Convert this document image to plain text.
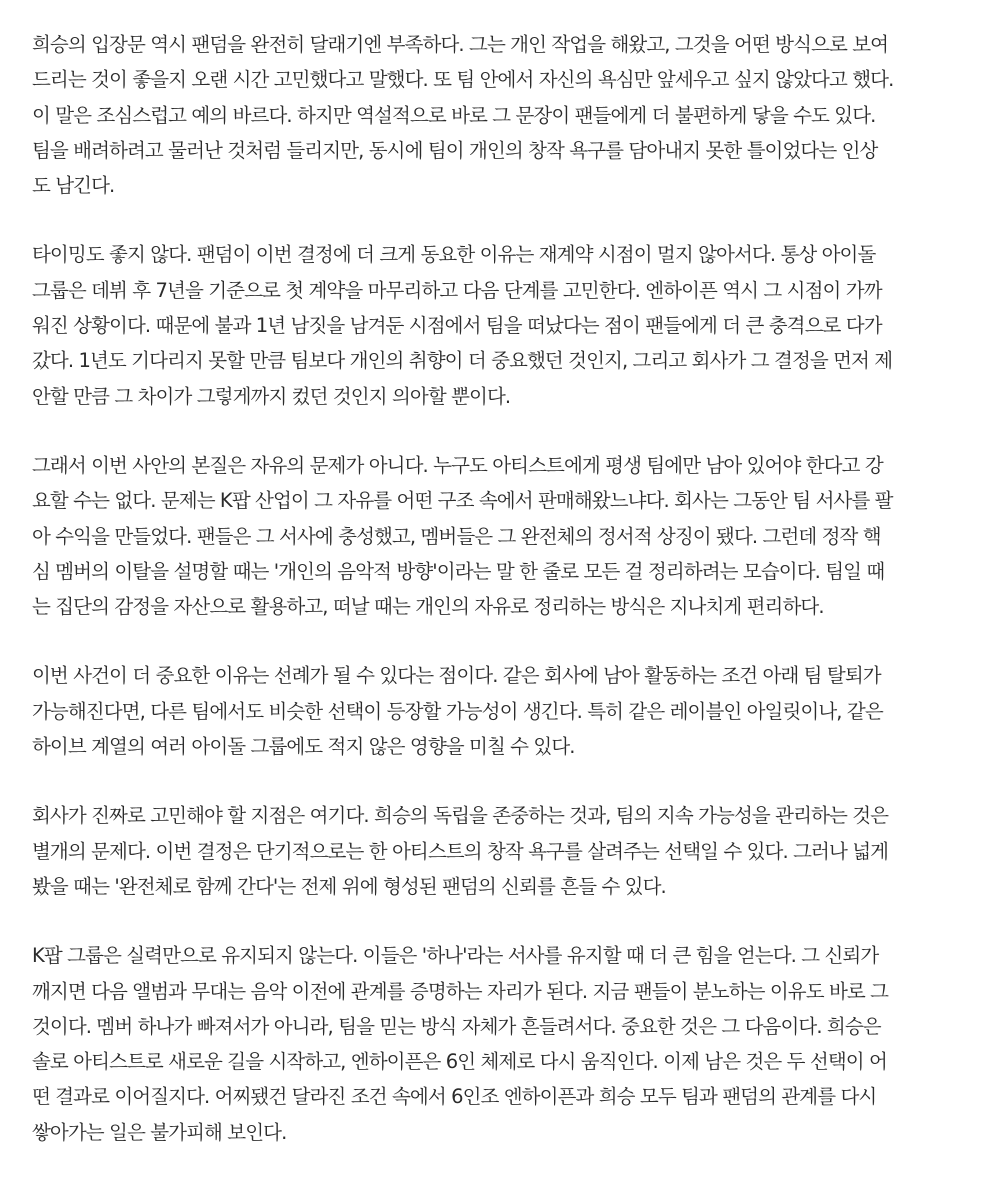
희승의 입장문 역시 팬덤을 완전히 달래기엔 부족하다. 그는 개인 작업을 해왔고, 그것을 어떤 방식으로 보여
드리는 것이 좋을지 오랜 시간 고민했다고 말했다. 또 팀 안에서 자신의 욕심만 앞세우고 싶지 않았다고 했다.
이 말은 조심스럽고 예의 바르다. 하지만 역설적으로 바로 그 문장이 팬들에게 더 불편하게 닿을 수도 있다.
팀을 배려하려고 물러난 것처럼 들리지만, 동시에 팀이 개인의 창작 욕구를 담아내지 못한 틀이었다는 인상
도 남긴다.

타이밍도 좋지 않다. 팬덤이 이번 결정에 더 크게 동요한 이유는 재계약 시점이 멀지 않아서다. 통상 아이돌
그룹은 데뷔 후 7년을 기준으로 첫 계약을 마무리하고 다음 단계를 고민한다. 엔하이픈 역시 그 시점이 가까
워진 상황이다. 때문에 불과 1년 남짓을 남겨둔 시점에서 팀을 떠났다는 점이 팬들에게 더 큰 충격으로 다가
갔다. 1년도 기다리지 못할 만큼 팀보다 개인의 취향이 더 중요했던 것인지, 그리고 회사가 그 결정을 먼저 제
안할 만큼 그 차이가 그렇게까지 컸던 것인지 의아할 뿐이다.

그래서 이번 사안의 본질은 자유의 문제가 아니다. 누구도 아티스트에게 평생 팀에만 남아 있어야 한다고 강
요할 수는 없다. 문제는 K팝 산업이 그 자유를 어떤 구조 속에서 판매해왔느냐다. 회사는 그동안 팀 서사를 팔
아 수익을 만들었다. 팬들은 그 서사에 충성했고, 멤버들은 그 완전체의 정서적 상징이 됐다. 그런데 정작 핵
심 멤버의 이탈을 설명할 때는 '개인의 음악적 방향'이라는 말 한 줄로 모든 걸 정리하려는 모습이다. 팀일 때
는 집단의 감정을 자산으로 활용하고, 떠날 때는 개인의 자유로 정리하는 방식은 지나치게 편리하다.

이번 사건이 더 중요한 이유는 선례가 될 수 있다는 점이다. 같은 회사에 남아 활동하는 조건 아래 팀 탈퇴가
가능해진다면, 다른 팀에서도 비슷한 선택이 등장할 가능성이 생긴다. 특히 같은 레이블인 아일릿이나, 같은
하이브 계열의 여러 아이돌 그룹에도 적지 않은 영향을 미칠 수 있다.

회사가 진짜로 고민해야 할 지점은 여기다. 희승의 독립을 존중하는 것과, 팀의 지속 가능성을 관리하는 것은
별개의 문제다. 이번 결정은 단기적으로는 한 아티스트의 창작 욕구를 살려주는 선택일 수 있다. 그러나 넓게
봤을 때는 '완전체로 함께 간다'는 전제 위에 형성된 팬덤의 신뢰를 흔들 수 있다.

K팝 그룹은 실력만으로 유지되지 않는다. 이들은 '하나'라는 서사를 유지할 때 더 큰 힘을 얻는다. 그 신뢰가
깨지면 다음 앨범과 무대는 음악 이전에 관계를 증명하는 자리가 된다. 지금 팬들이 분노하는 이유도 바로 그
것이다. 멤버 하나가 빠져서가 아니라, 팀을 믿는 방식 자체가 흔들려서다. 중요한 것은 그 다음이다. 희승은
솔로 아티스트로 새로운 길을 시작하고, 엔하이픈은 6인 체제로 다시 움직인다. 이제 남은 것은 두 선택이 어
떤 결과로 이어질지다. 어찌됐건 달라진 조건 속에서 6인조 엔하이픈과 희승 모두 팀과 팬덤의 관계를 다시
쌓아가는 일은 불가피해 보인다.
